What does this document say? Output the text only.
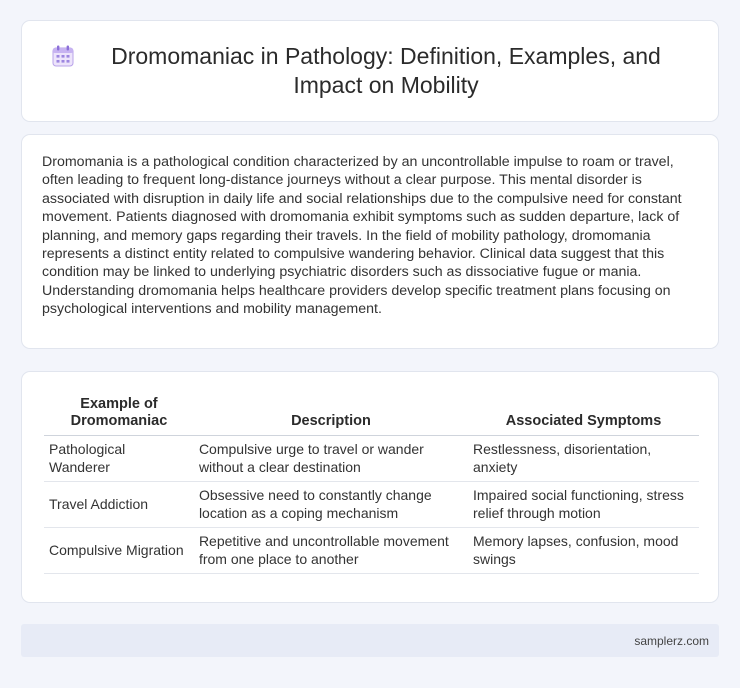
Dromomaniac in Pathology: Definition, Examples, and Impact on Mobility

Dromomania is a pathological condition characterized by an uncontrollable impulse to roam or travel, often leading to frequent long-distance journeys without a clear purpose. This mental disorder is associated with disruption in daily life and social relationships due to the compulsive need for constant movement. Patients diagnosed with dromomania exhibit symptoms such as sudden departure, lack of planning, and memory gaps regarding their travels. In the field of mobility pathology, dromomania represents a distinct entity related to compulsive wandering behavior. Clinical data suggest that this condition may be linked to underlying psychiatric disorders such as dissociative fugue or mania. Understanding dromomania helps healthcare providers develop specific treatment plans focusing on psychological interventions and mobility management.

Example of Dromomaniac	Description	Associated Symptoms
Pathological Wanderer	Compulsive urge to travel or wander without a clear destination	Restlessness, disorientation, anxiety
Travel Addiction	Obsessive need to constantly change location as a coping mechanism	Impaired social functioning, stress relief through motion
Compulsive Migration	Repetitive and uncontrollable movement from one place to another	Memory lapses, confusion, mood swings
samplerz.com
